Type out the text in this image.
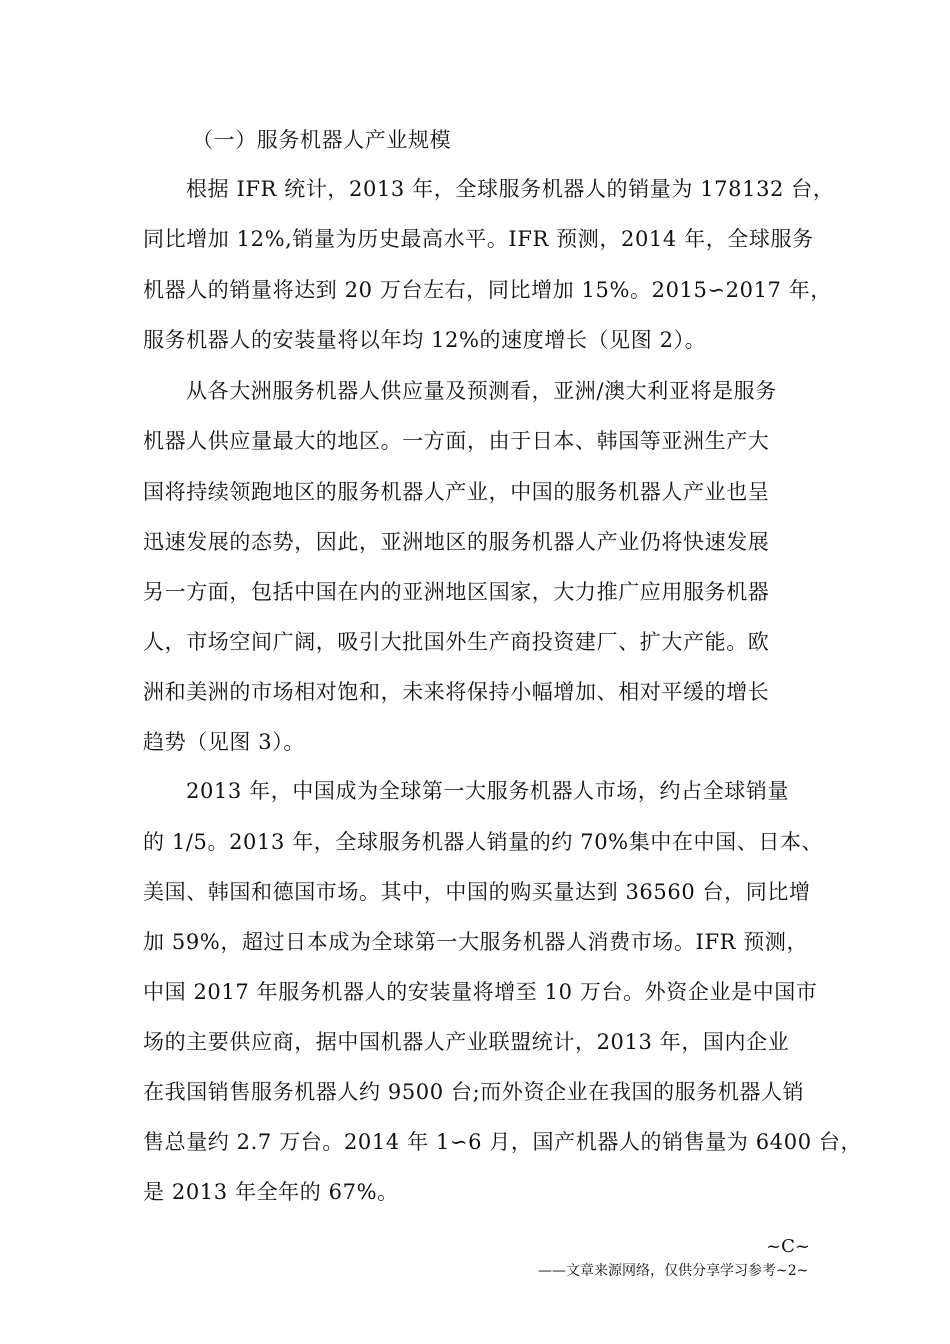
（一）服务机器人产业规模
根据 IFR 统计，2013 年，全球服务机器人的销量为 178132 台，
同比增加 12%,销量为历史最高水平。IFR 预测，2014 年，全球服务
机器人的销量将达到 20 万台左右，同比增加 15%。2015∽2017 年，
服务机器人的安装量将以年均 12%的速度增长（见图 2）。
从各大洲服务机器人供应量及预测看，亚洲/澳大利亚将是服务
机器人供应量最大的地区。一方面，由于日本、韩国等亚洲生产大
国将持续领跑地区的服务机器人产业，中国的服务机器人产业也呈
迅速发展的态势，因此，亚洲地区的服务机器人产业仍将快速发展
另一方面，包括中国在内的亚洲地区国家，大力推广应用服务机器
人，市场空间广阔，吸引大批国外生产商投资建厂、扩大产能。欧
洲和美洲的市场相对饱和，未来将保持小幅增加、相对平缓的增长
趋势（见图 3）。
2013 年，中国成为全球第一大服务机器人市场，约占全球销量
的 1/5。2013 年，全球服务机器人销量的约 70%集中在中国、日本、
美国、韩国和德国市场。其中，中国的购买量达到 36560 台，同比增
加 59%，超过日本成为全球第一大服务机器人消费市场。IFR 预测，
中国 2017 年服务机器人的安装量将增至 10 万台。外资企业是中国市
场的主要供应商，据中国机器人产业联盟统计，2013 年，国内企业
在我国销售服务机器人约 9500 台;而外资企业在我国的服务机器人销
售总量约 2.7 万台。2014 年 1∽6 月，国产机器人的销售量为 6400 台，
是 2013 年全年的 67%。
~C~
——文章来源网络，仅供分享学习参考~2~
